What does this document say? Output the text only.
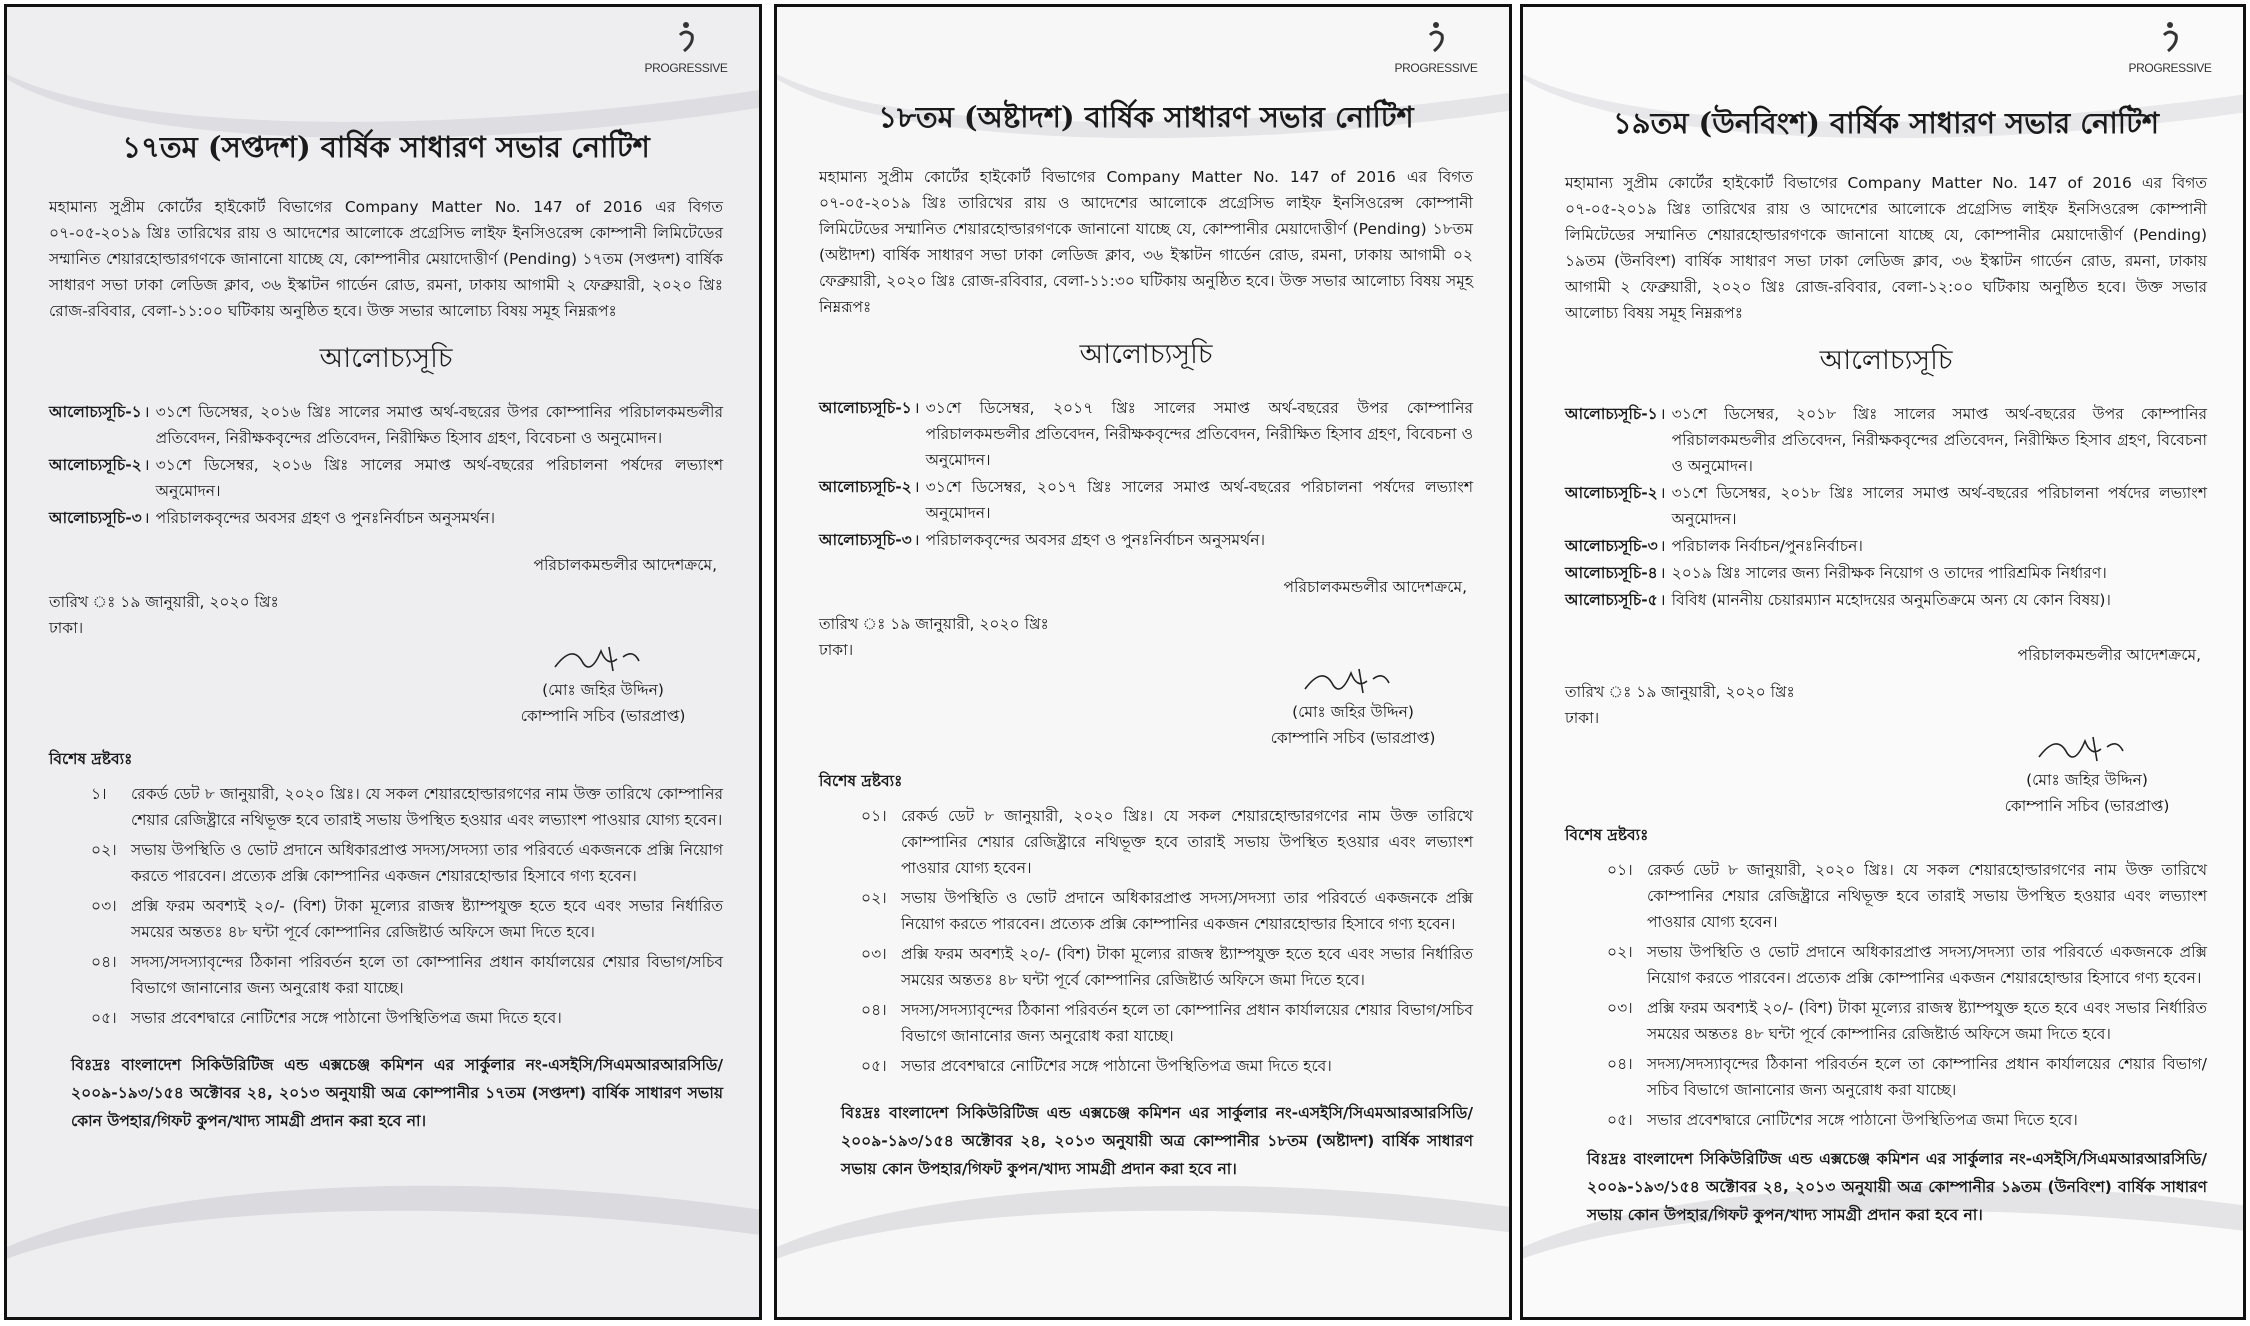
PROGRESSIVE
১৭তম (সপ্তদশ) বার্ষিক সাধারণ সভার নোটিশ
মহামান্য সুপ্রীম কোর্টের হাইকোর্ট বিভাগের Company Matter No. 147 of 2016 এর বিগত ০৭-০৫-২০১৯ খ্রিঃ তারিখের রায় ও আদেশের আলোকে প্রগ্রেসিভ লাইফ ইনসিওরেন্স কোম্পানী লিমিটেডের সম্মানিত শেয়ারহোল্ডারগণকে জানানো যাচ্ছে যে, কোম্পানীর মেয়াদোত্তীর্ণ (Pending) ১৭তম (সপ্তদশ) বার্ষিক সাধারণ সভা ঢাকা লেডিজ ক্লাব, ৩৬ ইস্কাটন গার্ডেন রোড, রমনা, ঢাকায় আগামী ২ ফেব্রুয়ারী, ২০২০ খ্রিঃ রোজ-রবিবার, বেলা-১১:০০ ঘটিকায় অনুষ্ঠিত হবে। উক্ত সভার আলোচ্য বিষয় সমূহ নিম্নরূপঃ
আলোচ্যসূচি
আলোচ্যসূচি-১ । ৩১শে ডিসেম্বর, ২০১৬ খ্রিঃ সালের সমাপ্ত অর্থ-বছরের উপর কোম্পানির পরিচালকমন্ডলীর প্রতিবেদন, নিরীক্ষকবৃন্দের প্রতিবেদন, নিরীক্ষিত হিসাব গ্রহণ, বিবেচনা ও অনুমোদন।
আলোচ্যসূচি-২ । ৩১শে ডিসেম্বর, ২০১৬ খ্রিঃ সালের সমাপ্ত অর্থ-বছরের পরিচালনা পর্ষদের লভ্যাংশ অনুমোদন।
আলোচ্যসূচি-৩ । পরিচালকবৃন্দের অবসর গ্রহণ ও পুনঃনির্বাচন অনুসমর্থন।
পরিচালকমন্ডলীর আদেশক্রমে,
তারিখ ঃ ১৯ জানুয়ারী, ২০২০ খ্রিঃ
ঢাকা।
(মোঃ জহির উদ্দিন)
কোম্পানি সচিব (ভারপ্রাপ্ত)
বিশেষ দ্রষ্টব্যঃ
১।	রেকর্ড ডেট ৮ জানুয়ারী, ২০২০ খ্রিঃ। যে সকল শেয়ারহোল্ডারগণের নাম উক্ত তারিখে কোম্পানির শেয়ার রেজিষ্ট্রারে নথিভূক্ত হবে তারাই সভায় উপস্থিত হওয়ার এবং লভ্যাংশ পাওয়ার যোগ্য হবেন।
০২। সভায় উপস্থিতি ও ভোট প্রদানে অধিকারপ্রাপ্ত সদস্য/সদস্যা তার পরিবর্তে একজনকে প্রক্সি নিয়োগ করতে পারবেন। প্রত্যেক প্রক্সি কোম্পানির একজন শেয়ারহোল্ডার হিসাবে গণ্য হবেন।
০৩। প্রক্সি ফরম অবশ্যই ২০/- (বিশ) টাকা মূল্যের রাজস্ব ষ্ট্যাম্পযুক্ত হতে হবে এবং সভার নির্ধারিত সময়ের অন্ততঃ ৪৮ ঘন্টা পূর্বে কোম্পানির রেজিষ্টার্ড অফিসে জমা দিতে হবে।
০৪। সদস্য/সদস্যাবৃন্দের ঠিকানা পরিবর্তন হলে তা কোম্পানির প্রধান কার্যালয়ের শেয়ার বিভাগ/সচিব বিভাগে জানানোর জন্য অনুরোধ করা যাচ্ছে।
০৫। সভার প্রবেশদ্বারে নোটিশের সঙ্গে পাঠানো উপস্থিতিপত্র জমা দিতে হবে।
বিঃদ্রঃ বাংলাদেশ সিকিউরিটিজ এন্ড এক্সচেঞ্জ কমিশন এর সার্কুলার নং-এসইসি/সিএমআরআরসিডি/২০০৯-১৯৩/১৫৪ অক্টোবর ২৪, ২০১৩ অনুযায়ী অত্র কোম্পানীর ১৭তম (সপ্তদশ) বার্ষিক সাধারণ সভায় কোন উপহার/গিফট কুপন/খাদ্য সামগ্রী প্রদান করা হবে না।
PROGRESSIVE
১৮তম (অষ্টাদশ) বার্ষিক সাধারণ সভার নোটিশ
মহামান্য সুপ্রীম কোর্টের হাইকোর্ট বিভাগের Company Matter No. 147 of 2016 এর বিগত ০৭-০৫-২০১৯ খ্রিঃ তারিখের রায় ও আদেশের আলোকে প্রগ্রেসিভ লাইফ ইনসিওরেন্স কোম্পানী লিমিটেডের সম্মানিত শেয়ারহোল্ডারগণকে জানানো যাচ্ছে যে, কোম্পানীর মেয়াদোত্তীর্ণ (Pending) ১৮তম (অষ্টাদশ) বার্ষিক সাধারণ সভা ঢাকা লেডিজ ক্লাব, ৩৬ ইস্কাটন গার্ডেন রোড, রমনা, ঢাকায় আগামী ০২ ফেব্রুয়ারী, ২০২০ খ্রিঃ রোজ-রবিবার, বেলা-১১:৩০ ঘটিকায় অনুষ্ঠিত হবে। উক্ত সভার আলোচ্য বিষয় সমূহ নিম্নরূপঃ
আলোচ্যসূচি
আলোচ্যসূচি-১ । ৩১শে ডিসেম্বর, ২০১৭ খ্রিঃ সালের সমাপ্ত অর্থ-বছরের উপর কোম্পানির পরিচালকমন্ডলীর প্রতিবেদন, নিরীক্ষকবৃন্দের প্রতিবেদন, নিরীক্ষিত হিসাব গ্রহণ, বিবেচনা ও অনুমোদন।
আলোচ্যসূচি-২ । ৩১শে ডিসেম্বর, ২০১৭ খ্রিঃ সালের সমাপ্ত অর্থ-বছরের পরিচালনা পর্ষদের লভ্যাংশ অনুমোদন।
আলোচ্যসূচি-৩ । পরিচালকবৃন্দের অবসর গ্রহণ ও পুনঃনির্বাচন অনুসমর্থন।
পরিচালকমন্ডলীর আদেশক্রমে,
তারিখ ঃ ১৯ জানুয়ারী, ২০২০ খ্রিঃ
ঢাকা।
(মোঃ জহির উদ্দিন)
কোম্পানি সচিব (ভারপ্রাপ্ত)
বিশেষ দ্রষ্টব্যঃ
০১। রেকর্ড ডেট ৮ জানুয়ারী, ২০২০ খ্রিঃ। যে সকল শেয়ারহোল্ডারগণের নাম উক্ত তারিখে কোম্পানির শেয়ার রেজিষ্ট্রারে নথিভূক্ত হবে তারাই সভায় উপস্থিত হওয়ার এবং লভ্যাংশ পাওয়ার যোগ্য হবেন।
০২। সভায় উপস্থিতি ও ভোট প্রদানে অধিকারপ্রাপ্ত সদস্য/সদস্যা তার পরিবর্তে একজনকে প্রক্সি নিয়োগ করতে পারবেন। প্রত্যেক প্রক্সি কোম্পানির একজন শেয়ারহোল্ডার হিসাবে গণ্য হবেন।
০৩। প্রক্সি ফরম অবশ্যই ২০/- (বিশ) টাকা মূল্যের রাজস্ব ষ্ট্যাম্পযুক্ত হতে হবে এবং সভার নির্ধারিত সময়ের অন্ততঃ ৪৮ ঘন্টা পূর্বে কোম্পানির রেজিষ্টার্ড অফিসে জমা দিতে হবে।
০৪। সদস্য/সদস্যাবৃন্দের ঠিকানা পরিবর্তন হলে তা কোম্পানির প্রধান কার্যালয়ের শেয়ার বিভাগ/সচিব বিভাগে জানানোর জন্য অনুরোধ করা যাচ্ছে।
০৫। সভার প্রবেশদ্বারে নোটিশের সঙ্গে পাঠানো উপস্থিতিপত্র জমা দিতে হবে।
বিঃদ্রঃ বাংলাদেশ সিকিউরিটিজ এন্ড এক্সচেঞ্জ কমিশন এর সার্কুলার নং-এসইসি/সিএমআরআরসিডি/২০০৯-১৯৩/১৫৪ অক্টোবর ২৪, ২০১৩ অনুযায়ী অত্র কোম্পানীর ১৮তম (অষ্টাদশ) বার্ষিক সাধারণ সভায় কোন উপহার/গিফট কুপন/খাদ্য সামগ্রী প্রদান করা হবে না।
PROGRESSIVE
১৯তম (উনবিংশ) বার্ষিক সাধারণ সভার নোটিশ
মহামান্য সুপ্রীম কোর্টের হাইকোর্ট বিভাগের Company Matter No. 147 of 2016 এর বিগত ০৭-০৫-২০১৯ খ্রিঃ তারিখের রায় ও আদেশের আলোকে প্রগ্রেসিভ লাইফ ইনসিওরেন্স কোম্পানী লিমিটেডের সম্মানিত শেয়ারহোল্ডারগণকে জানানো যাচ্ছে যে, কোম্পানীর মেয়াদোত্তীর্ণ (Pending) ১৯তম (উনবিংশ) বার্ষিক সাধারণ সভা ঢাকা লেডিজ ক্লাব, ৩৬ ইস্কাটন গার্ডেন রোড, রমনা, ঢাকায় আগামী ২ ফেব্রুয়ারী, ২০২০ খ্রিঃ রোজ-রবিবার, বেলা-১২:০০ ঘটিকায় অনুষ্ঠিত হবে। উক্ত সভার আলোচ্য বিষয় সমূহ নিম্নরূপঃ
আলোচ্যসূচি
আলোচ্যসূচি-১ । ৩১শে ডিসেম্বর, ২০১৮ খ্রিঃ সালের সমাপ্ত অর্থ-বছরের উপর কোম্পানির পরিচালকমন্ডলীর প্রতিবেদন, নিরীক্ষকবৃন্দের প্রতিবেদন, নিরীক্ষিত হিসাব গ্রহণ, বিবেচনা ও অনুমোদন।
আলোচ্যসূচি-২ । ৩১শে ডিসেম্বর, ২০১৮ খ্রিঃ সালের সমাপ্ত অর্থ-বছরের পরিচালনা পর্ষদের লভ্যাংশ অনুমোদন।
আলোচ্যসূচি-৩ । পরিচালক নির্বাচন/পুনঃনির্বাচন।
আলোচ্যসূচি-৪ । ২০১৯ খ্রিঃ সালের জন্য নিরীক্ষক নিয়োগ ও তাদের পারিশ্রমিক নির্ধারণ।
আলোচ্যসূচি-৫ । বিবিধ (মাননীয় চেয়ারম্যান মহোদয়ের অনুমতিক্রমে অন্য যে কোন বিষয়)।
পরিচালকমন্ডলীর আদেশক্রমে,
তারিখ ঃ ১৯ জানুয়ারী, ২০২০ খ্রিঃ
ঢাকা।
(মোঃ জহির উদ্দিন)
কোম্পানি সচিব (ভারপ্রাপ্ত)
বিশেষ দ্রষ্টব্যঃ
০১। রেকর্ড ডেট ৮ জানুয়ারী, ২০২০ খ্রিঃ। যে সকল শেয়ারহোল্ডারগণের নাম উক্ত তারিখে কোম্পানির শেয়ার রেজিষ্ট্রারে নথিভূক্ত হবে তারাই সভায় উপস্থিত হওয়ার এবং লভ্যাংশ পাওয়ার যোগ্য হবেন।
০২। সভায় উপস্থিতি ও ভোট প্রদানে অধিকারপ্রাপ্ত সদস্য/সদস্যা তার পরিবর্তে একজনকে প্রক্সি নিয়োগ করতে পারবেন। প্রত্যেক প্রক্সি কোম্পানির একজন শেয়ারহোল্ডার হিসাবে গণ্য হবেন।
০৩। প্রক্সি ফরম অবশ্যই ২০/- (বিশ) টাকা মূল্যের রাজস্ব ষ্ট্যাম্পযুক্ত হতে হবে এবং সভার নির্ধারিত সময়ের অন্ততঃ ৪৮ ঘন্টা পূর্বে কোম্পানির রেজিষ্টার্ড অফিসে জমা দিতে হবে।
০৪। সদস্য/সদস্যাবৃন্দের ঠিকানা পরিবর্তন হলে তা কোম্পানির প্রধান কার্যালয়ের শেয়ার বিভাগ/সচিব বিভাগে জানানোর জন্য অনুরোধ করা যাচ্ছে।
০৫। সভার প্রবেশদ্বারে নোটিশের সঙ্গে পাঠানো উপস্থিতিপত্র জমা দিতে হবে।
বিঃদ্রঃ বাংলাদেশ সিকিউরিটিজ এন্ড এক্সচেঞ্জ কমিশন এর সার্কুলার নং-এসইসি/সিএমআরআরসিডি/২০০৯-১৯৩/১৫৪ অক্টোবর ২৪, ২০১৩ অনুযায়ী অত্র কোম্পানীর ১৯তম (উনবিংশ) বার্ষিক সাধারণ সভায় কোন উপহার/গিফট কুপন/খাদ্য সামগ্রী প্রদান করা হবে না।
